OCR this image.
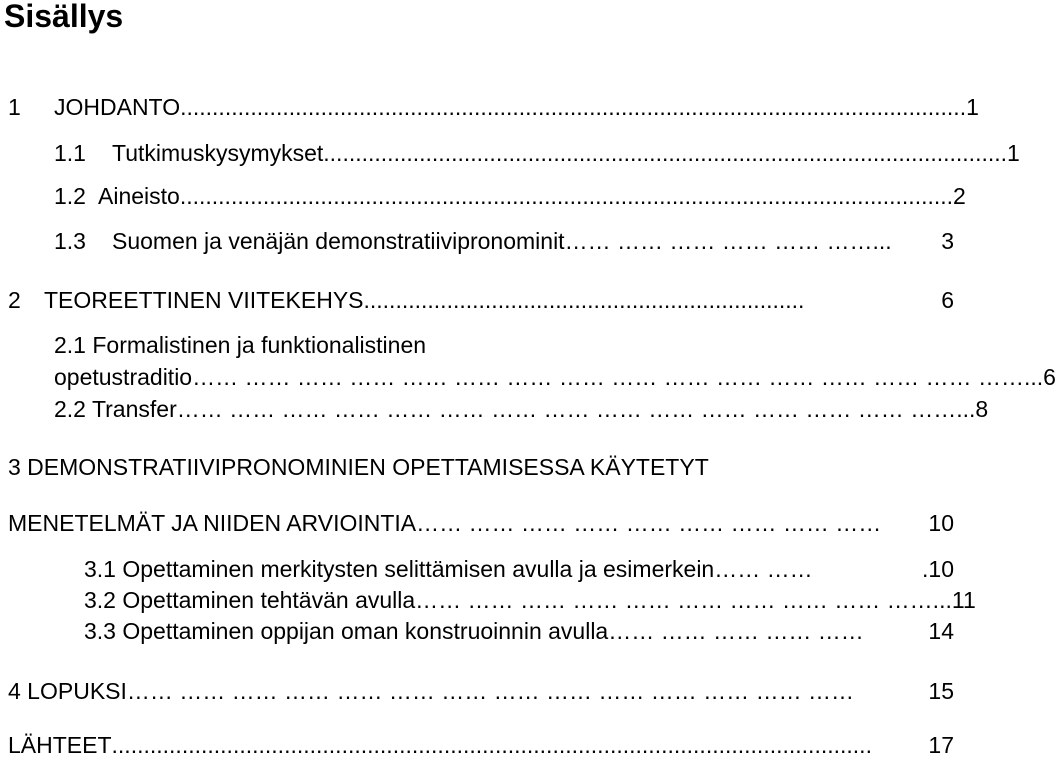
Sisällys
1 JOHDANTO ........................................................................................................................... 1
1.1 Tutkimuskysymykset ........................................................................................................... 1
1.2 Aineisto ......................................................................................................................... 2
1.3 Suomen ja venäjän demonstratiivipronominit …… …… …… …… …… ……...	3
2 TEOREETTINEN VIITEKEHYS .....................................................................	6
2.1 Formalistinen ja funktionalistinen
opetustraditio …… …… …… …… …… …… …… …… …… …… …… …… …… …… …… ……... 6
2.2 Transfer …… …… …… …… …… …… …… …… …… …… …… …… …… …… ……... 8
3 DEMONSTRATIIVIPRONOMINIEN OPETTAMISESSA KÄYTETYT
MENETELMÄT JA NIIDEN ARVIOINTIA …… …… …… …… …… …… …… …… ……	10
3.1 Opettaminen merkitysten selittämisen avulla ja esimerkein …… ……	.10
3.2 Opettaminen tehtävän avulla …… …… …… …… …… …… …… …… …… ……... 11
3.3 Opettaminen oppijan oman konstruoinnin avulla …… …… …… …… ……	14
4 LOPUKSI …… …… …… …… …… …… …… …… …… …… …… …… …… ……	15
LÄHTEET .......................................................................................................................	17
